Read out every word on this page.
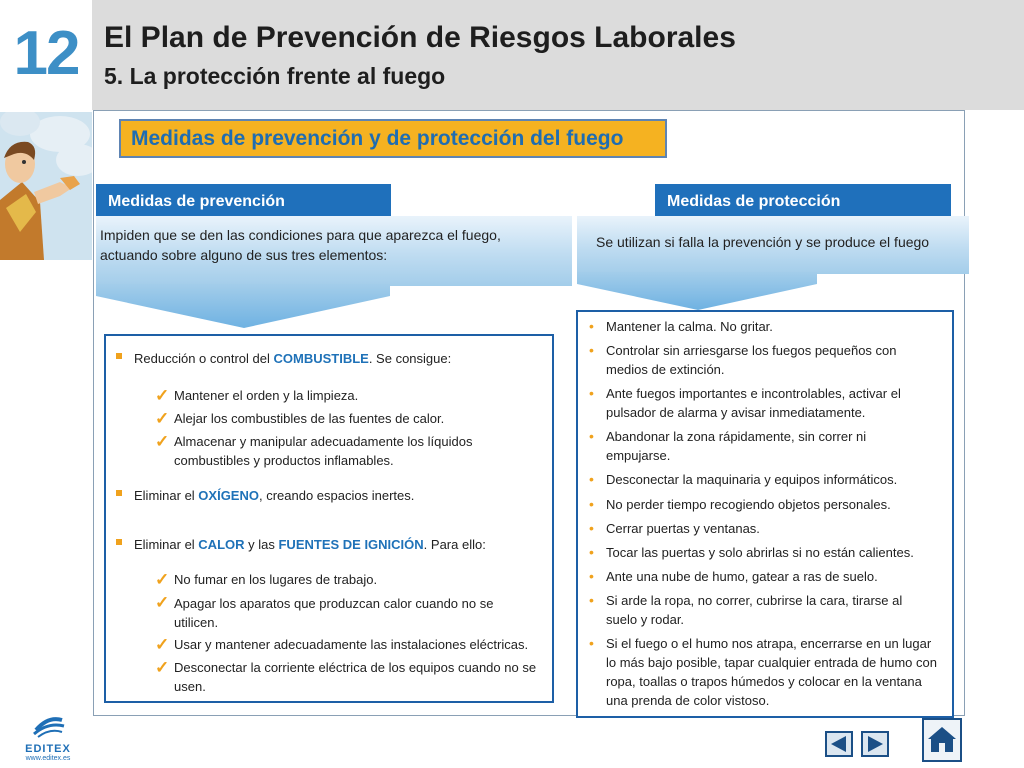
12 El Plan de Prevención de Riesgos Laborales
5. La protección frente al fuego
Medidas de prevención y de protección del fuego
Medidas de prevención	Medidas de protección
Impiden que se den las condiciones para que aparezca el fuego, actuando sobre alguno de sus tres elementos:
Se utilizan si falla la prevención y se produce el fuego
Reducción o control del COMBUSTIBLE. Se consigue:
✓ Mantener el orden y la limpieza.
✓ Alejar los combustibles de las fuentes de calor.
✓ Almacenar y manipular adecuadamente los líquidos combustibles y productos inflamables.
Eliminar el OXÍGENO, creando espacios inertes.
Eliminar el CALOR y las FUENTES DE IGNICIÓN. Para ello:
✓ No fumar en los lugares de trabajo.
✓ Apagar los aparatos que produzcan calor cuando no se utilicen.
✓ Usar y mantener adecuadamente las instalaciones eléctricas.
✓ Desconectar la corriente eléctrica de los equipos cuando no se usen.
• Mantener la calma. No gritar.
• Controlar sin arriesgarse los fuegos pequeños con medios de extinción.
• Ante fuegos importantes e incontrolables, activar el pulsador de alarma y avisar inmediatamente.
• Abandonar la zona rápidamente, sin correr ni empujarse.
• Desconectar la maquinaria y equipos informáticos.
• No perder tiempo recogiendo objetos personales.
• Cerrar puertas y ventanas.
• Tocar las puertas y solo abrirlas si no están calientes.
• Ante una nube de humo, gatear a ras de suelo.
• Si arde la ropa, no correr, cubrirse la cara, tirarse al suelo y rodar.
• Si el fuego o el humo nos atrapa, encerrarse en un lugar lo más bajo posible, tapar cualquier entrada de humo con ropa, toallas o trapos húmedos y colocar en la ventana una prenda de color vistoso.
EDITEX
www.editex.es
